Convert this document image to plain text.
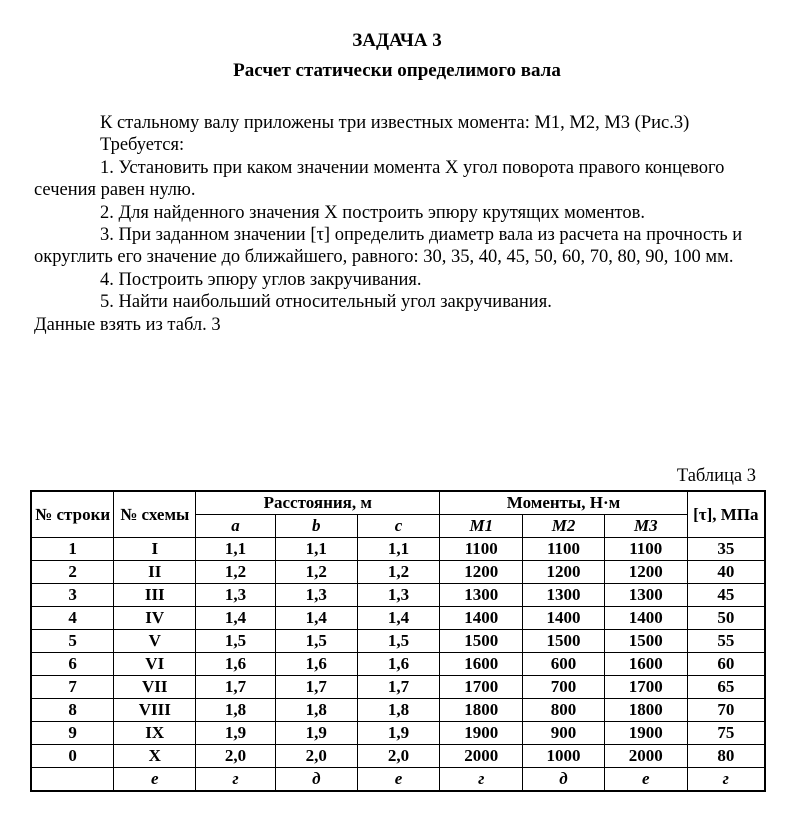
ЗАДАЧА 3
Расчет статически определимого вала

К стальному валу приложены три известных момента: M1, M2, M3 (Рис.3)

Требуется:

1. Установить при каком значении момента X угол поворота правого концевого сечения равен нулю.

2. Для найденного значения X построить эпюру крутящих моментов.

3. При заданном значении [τ] определить диаметр вала из расчета на прочность и округлить его значение до ближайшего, равного: 30, 35, 40, 45, 50, 60, 70, 80, 90, 100 мм.

4. Построить эпюру углов закручивания.

5. Найти наибольший относительный угол закручивания.

Данные взять из табл. 3

Таблица 3
№ строки	№ схемы	Расстояния, м			Моменты, Н·м			[τ], МПа
		a	b	c	M1	M2	M3	
1	I	1,1	1,1	1,1	1100	1100	1100	35
2	II	1,2	1,2	1,2	1200	1200	1200	40
3	III	1,3	1,3	1,3	1300	1300	1300	45
4	IV	1,4	1,4	1,4	1400	1400	1400	50
5	V	1,5	1,5	1,5	1500	1500	1500	55
6	VI	1,6	1,6	1,6	1600	600	1600	60
7	VII	1,7	1,7	1,7	1700	700	1700	65
8	VIII	1,8	1,8	1,8	1800	800	1800	70
9	IX	1,9	1,9	1,9	1900	900	1900	75
0	X	2,0	2,0	2,0	2000	1000	2000	80
	е	г	д	е	г	д	е	г
